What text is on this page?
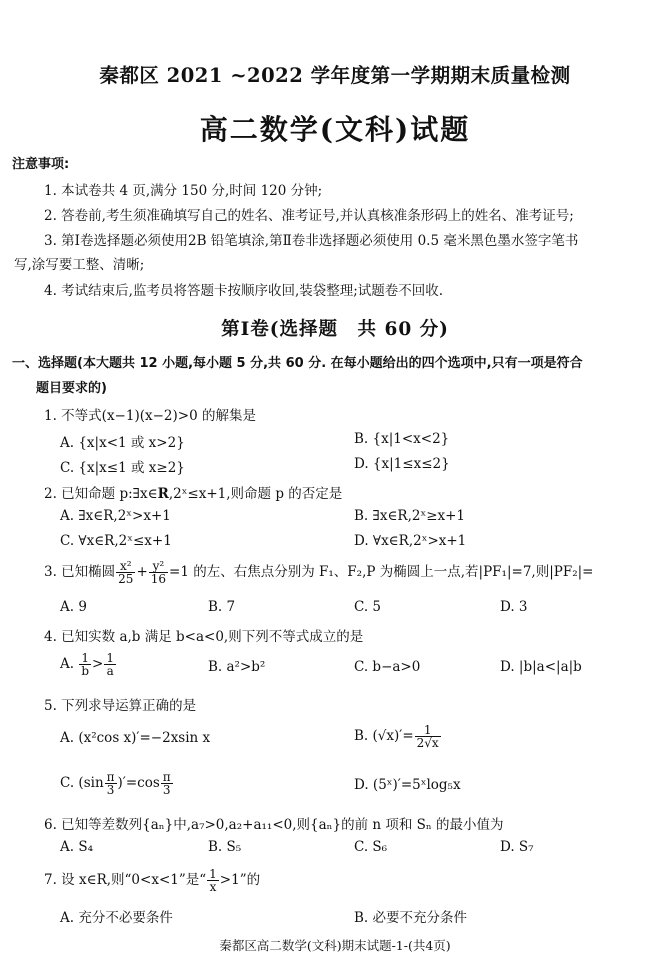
秦都区 2021 ~2022 学年度第一学期期末质量检测
高二数学(文科)试题
注意事项:
1. 本试卷共 4 页,满分 150 分,时间 120 分钟;
2. 答卷前,考生须准确填写自己的姓名、准考证号,并认真核准条形码上的姓名、准考证号;
3. 第Ⅰ卷选择题必须使用2B 铅笔填涂,第Ⅱ卷非选择题必须使用 0.5 毫米黑色墨水签字笔书
写,涂写要工整、清晰;
4. 考试结束后,监考员将答题卡按顺序收回,装袋整理;试题卷不回收.
第Ⅰ卷(选择题　共 60 分)
一、选择题(本大题共 12 小题,每小题 5 分,共 60 分. 在每小题给出的四个选项中,只有一项是符合
题目要求的)
1. 不等式(x−1)(x−2)>0 的解集是
A. {x|x<1 或 x>2}	B. {x|1<x<2}
C. {x|x≤1 或 x≥2}	D. {x|1≤x≤2}
2. 已知命题 p:∃x∈R,2ˣ≤x+1,则命题 p 的否定是
A. ∃x∈R,2ˣ>x+1	B. ∃x∈R,2ˣ≥x+1
C. ∀x∈R,2ˣ≤x+1	D. ∀x∈R,2ˣ>x+1
3. 已知椭圆 $\frac{\text{x²}}{25} + \frac{\text{y²}}{16} =1$ 的左、右焦点分别为 F₁、F₂,P 为椭圆上一点,若|PF₁|=7,则|PF₂|=
A. 9	B. 7	C. 5	D. 3
4. 已知实数 a,b 满足 b<a<0,则下列不等式成立的是
A. $\frac{1}{b} > \frac{1}{a}$	B. a²>b²	C. b−a>0	D. |b|a<|a|b
5. 下列求导运算正确的是
A. (x²cos x)′=−2xsin x	B. $(√x)'= \frac{1}{2√x}$
C. $(\sin \frac{\pi}{3} )'=\cos \frac{\pi}{3}$	D. (5ˣ)′=5ˣlog₅x
6. 已知等差数列{aₙ}中,a₇>0,a₂+a₁₁<0,则{aₙ}的前 n 项和 Sₙ 的最小值为
A. S₄	B. S₅	C. S₆	D. S₇
7. 设 x∈R,则“0<x<1”是“ $\frac{1}{x} >1$”的
A. 充分不必要条件	B. 必要不充分条件
秦都区高二数学(文科)期末试题-1-(共4页)
